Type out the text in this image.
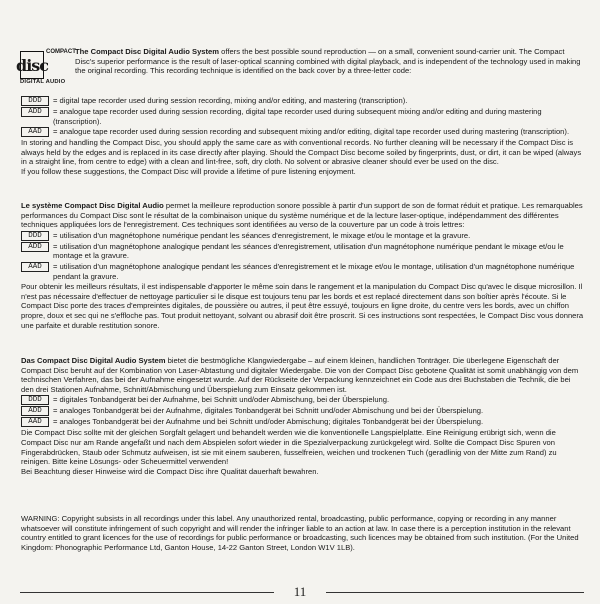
disc
COMPACT
DIGITAL AUDIO

The Compact Disc Digital Audio System offers the best possible sound reproduction — on a small, convenient sound-carrier unit. The Compact Disc's superior performance is the result of laser-optical scanning combined with digital playback, and is independent of the technology used in making the original recording. This recording technique is identified on the back cover by a three-letter code:

DDD	= digital tape recorder used during session recording, mixing and/or editing, and mastering (transcription).
ADD	= analogue tape recorder used during session recording, digital tape recorder used during subsequent mixing and/or editing and during mastering (transcription).
AAD	= analogue tape recorder used during session recording and subsequent mixing and/or editing, digital tape recorder used during mastering (transcription).

In storing and handling the Compact Disc, you should apply the same care as with conventional records. No further cleaning will be necessary if the Compact Disc is always held by the edges and is replaced in its case directly after playing. Should the Compact Disc become soiled by fingerprints, dust, or dirt, it can be wiped (always in a straight line, from centre to edge) with a clean and lint-free, soft, dry cloth. No solvent or abrasive cleaner should ever be used on the disc.

If you follow these suggestions, the Compact Disc will provide a lifetime of pure listening enjoyment.

Le système Compact Disc Digital Audio permet la meilleure reproduction sonore possible à partir d'un support de son de format réduit et pratique. Les remarquables performances du Compact Disc sont le résultat de la combinaison unique du système numérique et de la lecture laser-optique, indépendamment des différentes techniques appliquées lors de l'enregistrement. Ces techniques sont identifiées au verso de la couverture par un code à trois lettres:

DDD	= utilisation d'un magnétophone numérique pendant les séances d'enregistrement, le mixage et/ou le montage et la gravure.
ADD	= utilisation d'un magnétophone analogique pendant les séances d'enregistrement, utilisation d'un magnétophone numérique pendant le mixage et/ou le montage et la gravure.
AAD	= utilisation d'un magnétophone analogique pendant les séances d'enregistrement et le mixage et/ou le montage, utilisation d'un magnétophone numérique pendant la gravure.

Pour obtenir les meilleurs résultats, il est indispensable d'apporter le même soin dans le rangement et la manipulation du Compact Disc qu'avec le disque microsillon. Il n'est pas nécessaire d'effectuer de nettoyage particulier si le disque est toujours tenu par les bords et est replacé directement dans son boîtier après l'écoute. Si le Compact Disc porte des traces d'empreintes digitales, de poussière ou autres, il peut être essuyé, toujours en ligne droite, du centre vers les bords, avec un chiffon propre, doux et sec qui ne s'effloche pas. Tout produit nettoyant, solvant ou abrasif doit être proscrit. Si ces instructions sont respectées, le Compact Disc vous donnera une parfaite et durable restitution sonore.

Das Compact Disc Digital Audio System bietet die bestmögliche Klangwiedergabe – auf einem kleinen, handlichen Tonträger. Die überlegene Eigenschaft der Compact Disc beruht auf der Kombination von Laser-Abtastung und digitaler Wiedergabe. Die von der Compact Disc gebotene Qualität ist somit unabhängig von dem technischen Verfahren, das bei der Aufnahme eingesetzt wurde. Auf der Rückseite der Verpackung kennzeichnet ein Code aus drei Buchstaben die Technik, die bei den drei Stationen Aufnahme, Schnitt/Abmischung und Überspielung zum Einsatz gekommen ist.

DDD	= digitales Tonbandgerät bei der Aufnahme, bei Schnitt und/oder Abmischung, bei der Überspielung.
ADD	= analoges Tonbandgerät bei der Aufnahme, digitales Tonbandgerät bei Schnitt und/oder Abmischung und bei der Überspielung.
AAD	= analoges Tonbandgerät bei der Aufnahme und bei Schnitt und/oder Abmischung; digitales Tonbandgerät bei der Überspielung.

Die Compact Disc sollte mit der gleichen Sorgfalt gelagert und behandelt werden wie die konventionelle Langspielplatte. Eine Reinigung erübrigt sich, wenn die Compact Disc nur am Rande angefaßt und nach dem Abspielen sofort wieder in die Spezialverpackung zurückgelegt wird. Sollte die Compact Disc Spuren von Fingerabdrücken, Staub oder Schmutz aufweisen, ist sie mit einem sauberen, fusselfreien, weichen und trockenen Tuch (geradlinig von der Mitte zum Rand) zu reinigen. Bitte keine Lösungs- oder Scheuermittel verwenden!

Bei Beachtung dieser Hinweise wird die Compact Disc ihre Qualität dauerhaft bewahren.

WARNING: Copyright subsists in all recordings under this label. Any unauthorized rental, broadcasting, public performance, copying or recording in any manner whatsoever will constitute infringement of such copyright and will render the infringer liable to an action at law. In case there is a perception institution in the relevant country entitled to grant licences for the use of recordings for public performance or broadcasting, such licences may be obtained from such institution. (For the United Kingdom: Phonographic Performance Ltd, Ganton House, 14-22 Ganton Street, London W1V 1LB).

11
